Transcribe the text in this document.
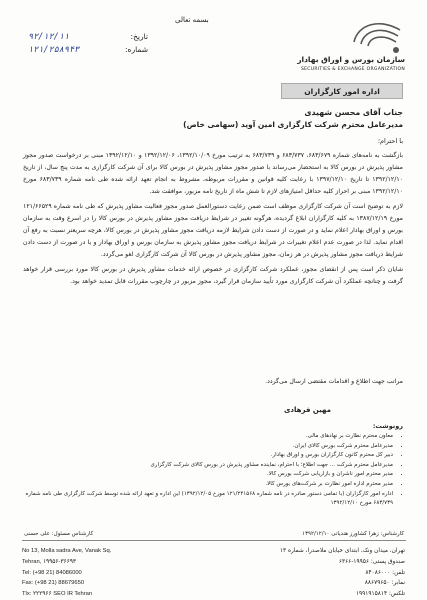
بسمه تعالی
۹۲/۱۲/۱۱	تاریخ:
۱۲۱/۲۵۸۹۴۳	شماره:
سازمان بورس و اوراق بهادار
SECURITIES & EXCHANGE ORGANIZATION
اداره امور کارگزاران
جناب آقای محسن شهیدی
مدیرعامل محترم شرکت کارگزاری امین آوید (سهامی خاص)
با احترام؛

بازگشت به نامه‌های شماره ۶۸۳/۶۷۹، ۶۸۳/۷۳۷ و ۶۸۳/۷۳۹ به ترتیب مورخ ۱۳۹۲/۱۰/۰۹، ۱۳۹۲/۱۲/۰۶ و ۱۳۹۲/۱۲/۱۰ مبنی بر درخواست صدور مجوز مشاور پذیرش در بورس کالا به استحضار می‌رساند با صدور مجوز مشاور پذیرش در بورس کالا برای آن شرکت کارگزاری به مدت پنج سال، از تاریخ ۱۳۹۲/۱۲/۱۰ تا تاریخ ۱۳۹۷/۱۲/۱۰ با رعایت کلیه قوانین و مقررات مربوطه، مشروط به انجام تعهد ارائه شده طی نامه شماره ۶۸۳/۷۳۹ مورخ ۱۳۹۲/۱۲/۱۰ مبنی بر احراز کلیه حداقل امتیازهای لازم تا شش ماه از تاریخ نامه مزبور، موافقت شد.

لازم به توضیح است آن شرکت کارگزاری موظف است ضمن رعایت دستورالعمل صدور مجوز فعالیت مشاور پذیرش که طی نامه شماره ۱۲۱/۶۶۵۲۹ مورخ ۱۳۸۷/۱۲/۱۹ به کلیه کارگزاران ابلاغ گردیده، هرگونه تغییر در شرایط دریافت مجوز مشاور پذیرش در بورس کالا را در اسرع وقت به سازمان بورس و اوراق بهادار اعلام نماید و در صورت از دست دادن شرایط لازمه دریافت مجوز مشاور پذیرش در بورس کالا، هرچه سریعتر نسبت به رفع آن اقدام نماید. لذا در صورت عدم اعلام تغییرات در شرایط دریافت مجوز مشاور پذیرش به سازمان بورس و اوراق بهادار و یا در صورت از دست دادن شرایط دریافت مجوز مشاور پذیرش در هر زمان، مجوز مشاور پذیرش در بورس کالا آن شرکت کارگزاری لغو می‌گردد.

شایان ذکر است پس از انقضای مجوز، عملکرد شرکت کارگزاری در خصوص ارائه خدمات مشاور پذیرش در بورس کالا مورد بررسی قرار خواهد گرفت و چنانچه عملکرد آن شرکت کارگزاری مورد تأیید سازمان قرار گیرد، مجوز مزبور در چارچوب مقررات قابل تمدید خواهد بود.

مراتب جهت اطلاع و اقدامات مقتضی ارسال می‌گردد.
مهین فرهادی
رونوشت:
• معاون محترم نظارت بر نهادهای مالی.
• مدیرعامل محترم شرکت بورس کالای ایران.
• دبیر کل محترم کانون کارگزاران بورس و اوراق بهادار.
• مدیرعامل محترم شرکت ... جهت اطلاع؛ با احترام، نماینده مشاور پذیرش در بورس کالای شرکت کارگزاری
• مدیر محترم امور ناشران و بازاریابی شرکت بورس کالا.
• مدیر محترم اداره امور نظارت بر شرکت‌های بورس کالا.
• اداره امور کارگزاران (با تمامی دستور صادره در نامه شماره ۱۲۱/۲۴۱۵۶۸ مورخ ۱۳۹۲/۱۲/۰۵) این اداره و تعهد ارائه شده توسط شرکت کارگزاری طی نامه شماره ۶۸۳/۷۳۹ مورخ ۱۳۹۲/۱۲/۱۰
کارشناس مسئول: علی حسنی	کارشناس: زهرا کشاورز هندیانی ۱۳۹۲/۱۲/۱۰
No 13, Molla sadra Ave, Vanak Sq.
Tehran, ۱۹۹۵۶-۳۶۶۹۳
Tel: (+98 21) 84086000
Fax: (+98 21) 88679650
Tlx: ۲۲۲۹۶۶ SEO IR Tehran
تهران، میدان ونک، ابتدای خیابان ملاصدرا، شماره ۱۳
صندوق پستی: ۱۹۹۵۶-۶۳۶۶
تلفن: ۸۴۰۸۶۰۰۰
نمابر: ۸۸۶۷۹۶۵۰
تلکس: ۱۹۹۱۹۱۵۸۱۴
